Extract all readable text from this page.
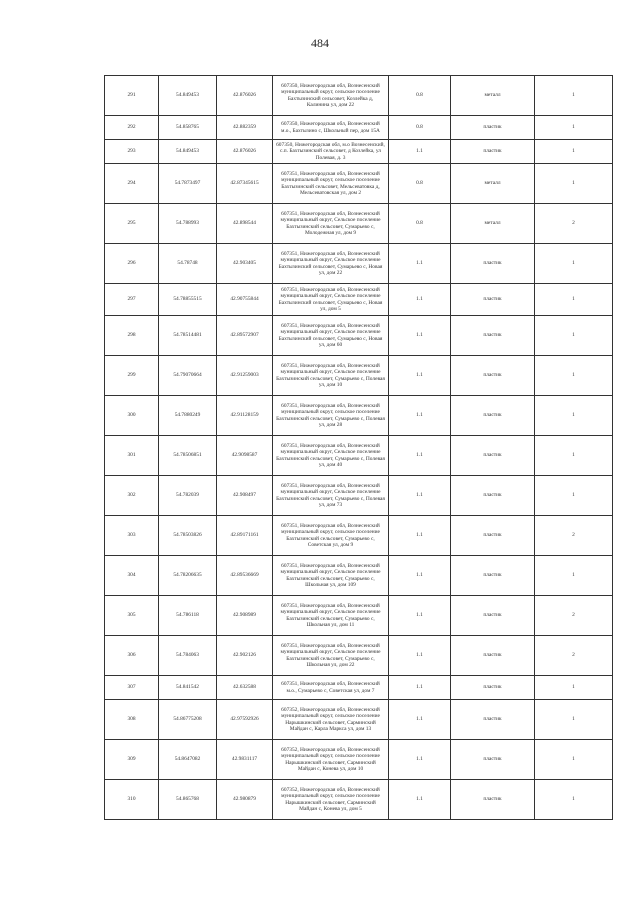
484
291	54.849453	42.876026	607350, Нижегородская обл, Вознесенский муниципальный округ, сельское поселение Бахтызинский сельсовет, Козлейка д, Калинина ул, дом 22	0.8	металл	1
292	54.858765	42.882359	607350, Нижегородская обл, Вознесенский м.о., Бахтызино с, Школьный пер, дом 15А	0.8	пластик	1
293	54.849453	42.876026	607350, Нижегородская обл, м.о Вознесенский, с.п. Бахтызинский сельсовет, д Козлейка, ул Полевая, д. 3	1.1	пластик	1
294	54.7873497	42.87345615	607351, Нижегородская обл, Вознесенский муниципальный округ, сельское поселение Бахтызинский сельсовет, Мельсеватовка д, Мельсеватовская ул, дом 2	0.8	металл	1
295	54.788993	42.898544	607351, Нижегородская обл, Вознесенский муниципальный округ, Сельское поселение Бахтызинский сельсовет, Сумарьево с, Молодежная ул, дом 9	0.8	металл	2
296	54.78748	42.903405	607351, Нижегородская обл, Вознесенский муниципальный округ, Сельское поселение Бахтызинский сельсовет, Сумарьево с, Новая ул, дом 22	1.1	пластик	1
297	54.78855515	42.90755844	607351, Нижегородская обл, Вознесенский муниципальный округ, Сельское поселение Бахтызинский сельсовет, Сумарьево с, Новая ул, дом 5	1.1	пластик	1
298	54.78514481	42.89572907	607351, Нижегородская обл, Вознесенский муниципальный округ, Сельское поселение Бахтызинский сельсовет, Сумарьево с, Новая ул, дом 60	1.1	пластик	1
299	54.79070664	42.91259003	607351, Нижегородская обл, Вознесенский муниципальный округ, Сельское поселение Бахтызинский сельсовет, Сумарьево с, Полевая ул, дом 10	1.1	пластик	1
300	54.7880249	42.91128159	607351, Нижегородская обл, Вознесенский муниципальный округ, сельское поселение Бахтызинский сельсовет, Сумарьево с, Полевая ул, дом 28	1.1	пластик	1
301	54.78506851	42.9098587	607351, Нижегородская обл, Вознесенский муниципальный округ, Сельское поселение Бахтызинский сельсовет, Сумарьево с, Полевая ул, дом 40	1.1	пластик	1
302	54.782039	42.908497	607351, Нижегородская обл, Вознесенский муниципальный округ, Сельское поселение Бахтызинский сельсовет, Сумарьево с, Полевая ул, дом 73	1.1	пластик	1
303	54.78503826	42.89171161	607351, Нижегородская обл, Вознесенский муниципальный округ, сельское поселение Бахтызинский сельсовет, Сумарьево с, Советская ул, дом 9	1.1	пластик	2
304	54.78206635	42.89536669	607351, Нижегородская обл, Вознесенский муниципальный округ, Сельское поселение Бахтызинский сельсовет, Сумарьево с, Школьная ул, дом 109	1.1	пластик	1
305	54.786118	42.908989	607351, Нижегородская обл, Вознесенский муниципальный округ, Сельское поселение Бахтызинский сельсовет, Сумарьево с, Школьная ул, дом 11	1.1	пластик	2
306	54.784063	42.902126	607351, Нижегородская обл, Вознесенский муниципальный округ, Сельское поселение Бахтызинский сельсовет, Сумарьево с, Школьная ул, дом 22	1.1	пластик	2
307	54.841542	42.632588	607351, Нижегородская обл, Вознесенский м.о., Сумарьево с, Советская ул, дом 7	1.1	пластик	1
308	54.86775208	42.97592926	607352, Нижегородская обл, Вознесенский муниципальный округ, сельское поселение Нарышкинский сельсовет, Сарминский Майдан с, Карла Маркса ул, дом 13	1.1	пластик	1
309	54.8647082	42.9831117	607352, Нижегородская обл, Вознесенский муниципальный округ, сельское поселение Нарышкинский сельсовет, Сарминский Майдан с, Конева ул, дом 10	1.1	пластик	1
310	54.865768	42.980879	607352, Нижегородская обл, Вознесенский муниципальный округ, сельское поселение Нарышкинский сельсовет, Сарминский Майдан с, Конева ул, дом 5	1.1	пластик	1
